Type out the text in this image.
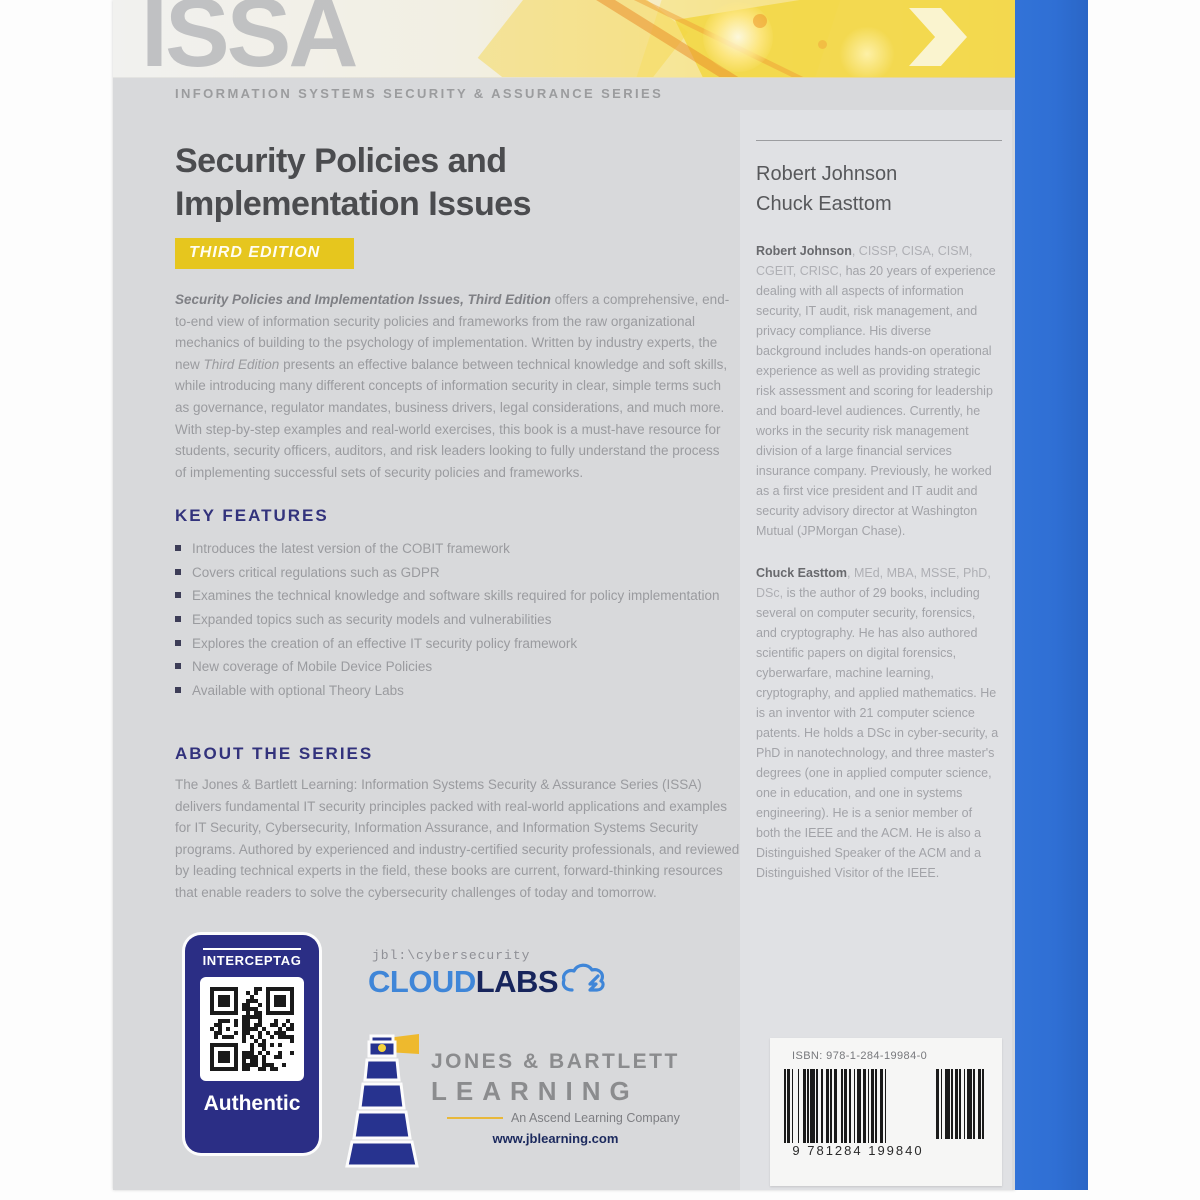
ISSA
INFORMATION SYSTEMS SECURITY & ASSURANCE SERIES
Security Policies and
Implementation Issues
THIRD EDITION

Security Policies and Implementation Issues, Third Edition offers a comprehensive, end-to-end view of information security policies and frameworks from the raw organizational mechanics of building to the psychology of implementation. Written by industry experts, the new Third Edition presents an effective balance between technical knowledge and soft skills, while introducing many different concepts of information security in clear, simple terms such as governance, regulator mandates, business drivers, legal considerations, and much more. With step-by-step examples and real-world exercises, this book is a must-have resource for students, security officers, auditors, and risk leaders looking to fully understand the process of implementing successful sets of security policies and frameworks.

KEY FEATURES
Introduces the latest version of the COBIT framework
Covers critical regulations such as GDPR
Examines the technical knowledge and software skills required for policy implementation
Expanded topics such as security models and vulnerabilities
Explores the creation of an effective IT security policy framework
New coverage of Mobile Device Policies
Available with optional Theory Labs
ABOUT THE SERIES

The Jones & Bartlett Learning: Information Systems Security & Assurance Series (ISSA) delivers fundamental IT security principles packed with real-world applications and examples for IT Security, Cybersecurity, Information Assurance, and Information Systems Security programs. Authored by experienced and industry-certified security professionals, and reviewed by leading technical experts in the field, these books are current, forward-thinking resources that enable readers to solve the cybersecurity challenges of today and tomorrow.

INTERCEPTAG
Authentic
jbl:\cybersecurity
CLOUD LABS
JONES & BARTLETT
LEARNING
An Ascend Learning Company
www.jblearning.com
Robert Johnson
Chuck Easttom

Robert Johnson, CISSP, CISA, CISM, CGEIT, CRISC, has 20 years of experience dealing with all aspects of information security, IT audit, risk management, and privacy compliance. His diverse background includes hands-on operational experience as well as providing strategic risk assessment and scoring for leadership and board-level audiences. Currently, he works in the security risk management division of a large financial services insurance company. Previously, he worked as a first vice president and IT audit and security advisory director at Washington Mutual (JPMorgan Chase).

Chuck Easttom, MEd, MBA, MSSE, PhD, DSc, is the author of 29 books, including several on computer security, forensics, and cryptography. He has also authored scientific papers on digital forensics, cyberwarfare, machine learning, cryptography, and applied mathematics. He is an inventor with 21 computer science patents. He holds a DSc in cyber-security, a PhD in nanotechnology, and three master's degrees (one in applied computer science, one in education, and one in systems engineering). He is a senior member of both the IEEE and the ACM. He is also a Distinguished Speaker of the ACM and a Distinguished Visitor of the IEEE.

ISBN: 978-1-284-19984-0
9 781284 199840
